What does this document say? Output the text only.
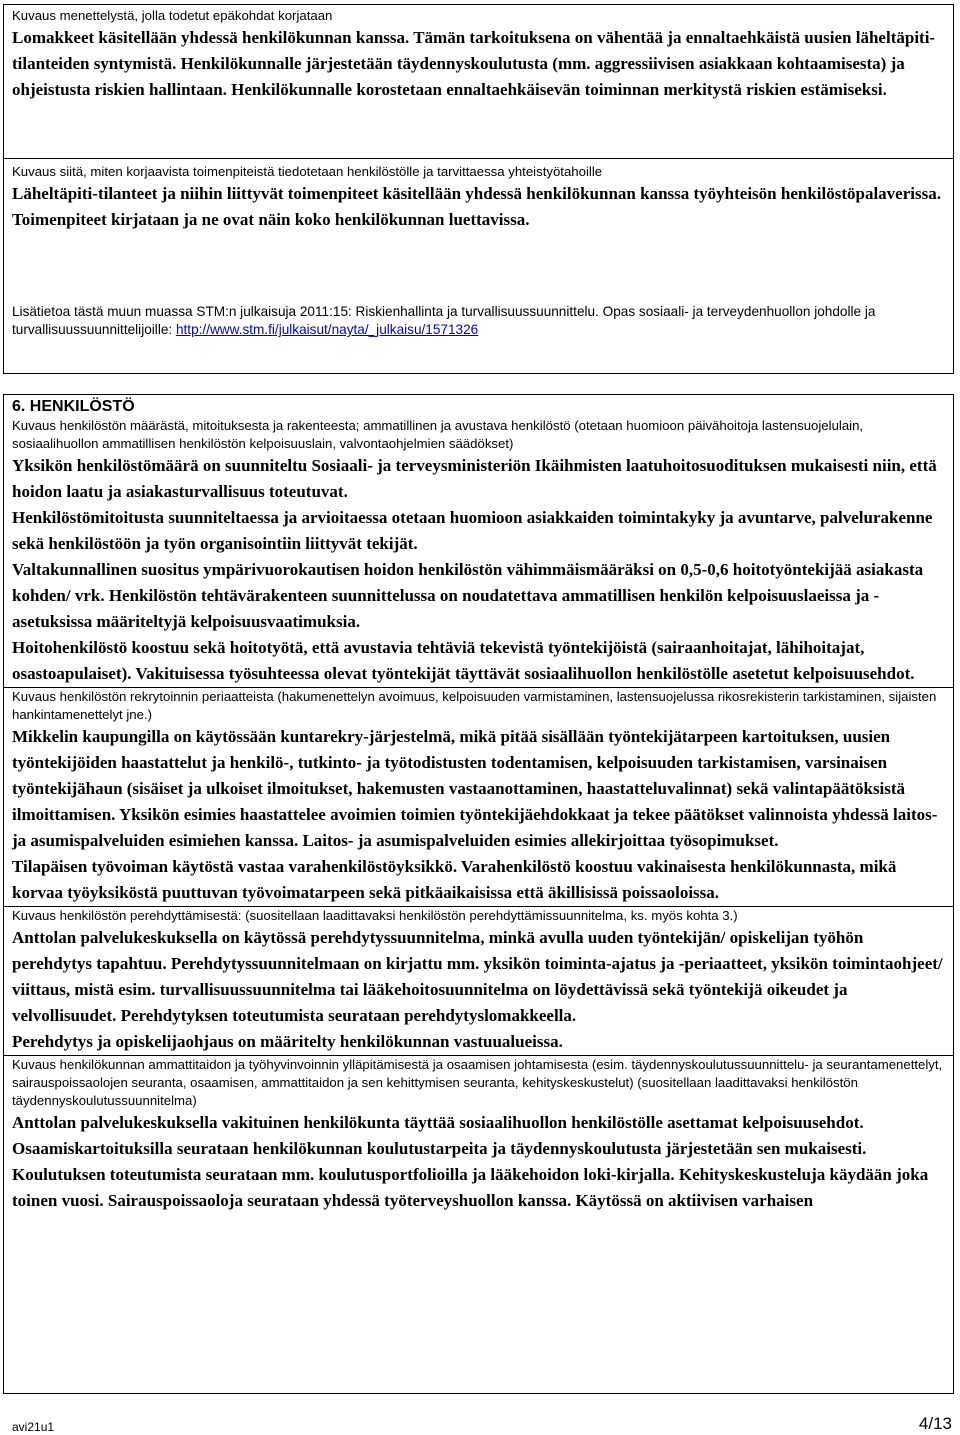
Kuvaus menettelystä, jolla todetut epäkohdat korjataan

Lomakkeet käsitellään yhdessä henkilökunnan kanssa. Tämän tarkoituksena on vähentää ja ennaltaehkäistä uusien läheltäpiti-tilanteiden syntymistä. Henkilökunnalle järjestetään täydennyskoulutusta (mm. aggressiivisen asiakkaan kohtaamisesta) ja ohjeistusta riskien hallintaan. Henkilökunnalle korostetaan ennaltaehkäisevän toiminnan merkitystä riskien estämiseksi.

Kuvaus siitä, miten korjaavista toimenpiteistä tiedotetaan henkilöstölle ja tarvittaessa yhteistyötahoille

Läheltäpiti-tilanteet ja niihin liittyvät toimenpiteet käsitellään yhdessä henkilökunnan kanssa työyhteisön henkilöstöpalaverissa. Toimenpiteet kirjataan ja ne ovat näin koko henkilökunnan luettavissa.

Lisätietoa tästä muun muassa STM:n julkaisuja 2011:15: Riskienhallinta ja turvallisuussuunnittelu. Opas sosiaali- ja terveydenhuollon johdolle ja turvallisuussuunnittelijoille: http://www.stm.fi/julkaisut/nayta/_julkaisu/1571326

6. HENKILÖSTÖ

Kuvaus henkilöstön määrästä, mitoituksesta ja rakenteesta; ammatillinen ja avustava henkilöstö (otetaan huomioon päivähoitoja lastensuojelulain, sosiaalihuollon ammatillisen henkilöstön kelpoisuuslain, valvontaohjelmien säädökset)

Yksikön henkilöstömäärä on suunniteltu Sosiaali- ja terveysministeriön Ikäihmisten laatuhoitosuodituksen mukaisesti niin, että hoidon laatu ja asiakasturvallisuus toteutuvat.

Henkilöstömitoitusta suunniteltaessa ja arvioitaessa otetaan huomioon asiakkaiden toimintakyky ja avuntarve, palvelurakenne sekä henkilöstöön ja työn organisointiin liittyvät tekijät.

Valtakunnallinen suositus ympärivuorokautisen hoidon henkilöstön vähimmäismääräksi on 0,5-0,6 hoitotyöntekijää asiakasta kohden/ vrk. Henkilöstön tehtävärakenteen suunnittelussa on noudatettava ammatillisen henkilön kelpoisuuslaeissa ja -asetuksissa määriteltyjä kelpoisuusvaatimuksia.

Hoitohenkilöstö koostuu sekä hoitotyötä, että avustavia tehtäviä tekevistä työntekijöistä (sairaanhoitajat, lähihoitajat, osastoapulaiset). Vakituisessa työsuhteessa olevat työntekijät täyttävät sosiaalihuollon henkilöstölle asetetut kelpoisuusehdot.

Kuvaus henkilöstön rekrytoinnin periaatteista (hakumenettelyn avoimuus, kelpoisuuden varmistaminen, lastensuojelussa rikosrekisterin tarkistaminen, sijaisten hankintamenettelyt jne.)

Mikkelin kaupungilla on käytössään kuntarekry-järjestelmä, mikä pitää sisällään työntekijätarpeen kartoituksen, uusien työntekijöiden haastattelut ja henkilö-, tutkinto- ja työtodistusten todentamisen, kelpoisuuden tarkistamisen, varsinaisen työntekijähaun (sisäiset ja ulkoiset ilmoitukset, hakemusten vastaanottaminen, haastatteluvalinnat) sekä valintapäätöksistä ilmoittamisen. Yksikön esimies haastattelee avoimien toimien työntekijäehdokkaat ja tekee päätökset valinnoista yhdessä laitos- ja asumispalveluiden esimiehen kanssa. Laitos- ja asumispalveluiden esimies allekirjoittaa työsopimukset.

Tilapäisen työvoiman käytöstä vastaa varahenkilöstöyksikkö. Varahenkilöstö koostuu vakinaisesta henkilökunnasta, mikä korvaa työyksiköstä puuttuvan työvoimatarpeen sekä pitkäaikaisissa että äkillisissä poissaoloissa.

Kuvaus henkilöstön perehdyttämisestä: (suositellaan laadittavaksi henkilöstön perehdyttämissuunnitelma, ks. myös kohta 3.)

Anttolan palvelukeskuksella on käytössä perehdytyssuunnitelma, minkä avulla uuden työntekijän/ opiskelijan työhön perehdytys tapahtuu. Perehdytyssuunnitelmaan on kirjattu mm. yksikön toiminta-ajatus ja -periaatteet, yksikön toimintaohjeet/ viittaus, mistä esim. turvallisuussuunnitelma tai lääkehoitosuunnitelma on löydettävissä sekä työntekijä oikeudet ja velvollisuudet. Perehdytyksen toteutumista seurataan perehdytyslomakkeella.

Perehdytys ja opiskelijaohjaus on määritelty henkilökunnan vastuualueissa.

Kuvaus henkilökunnan ammattitaidon ja työhyvinvoinnin ylläpitämisestä ja osaamisen johtamisesta (esim. täydennyskoulutussuunnittelu- ja seurantamenettelyt, sairauspoissaolojen seuranta, osaamisen, ammattitaidon ja sen kehittymisen seuranta, kehityskeskustelut) (suositellaan laadittavaksi henkilöstön täydennyskoulutussuunnitelma)

Anttolan palvelukeskuksella vakituinen henkilökunta täyttää sosiaalihuollon henkilöstölle asettamat kelpoisuusehdot. Osaamiskartoituksilla seurataan henkilökunnan koulutustarpeita ja täydennyskoulutusta järjestetään sen mukaisesti. Koulutuksen toteutumista seurataan mm. koulutusportfolioilla ja lääkehoidon loki-kirjalla. Kehityskeskusteluja käydään joka toinen vuosi. Sairauspoissaoloja seurataan yhdessä työterveyshuollon kanssa. Käytössä on aktiivisen varhaisen

avi21u1	4/13
